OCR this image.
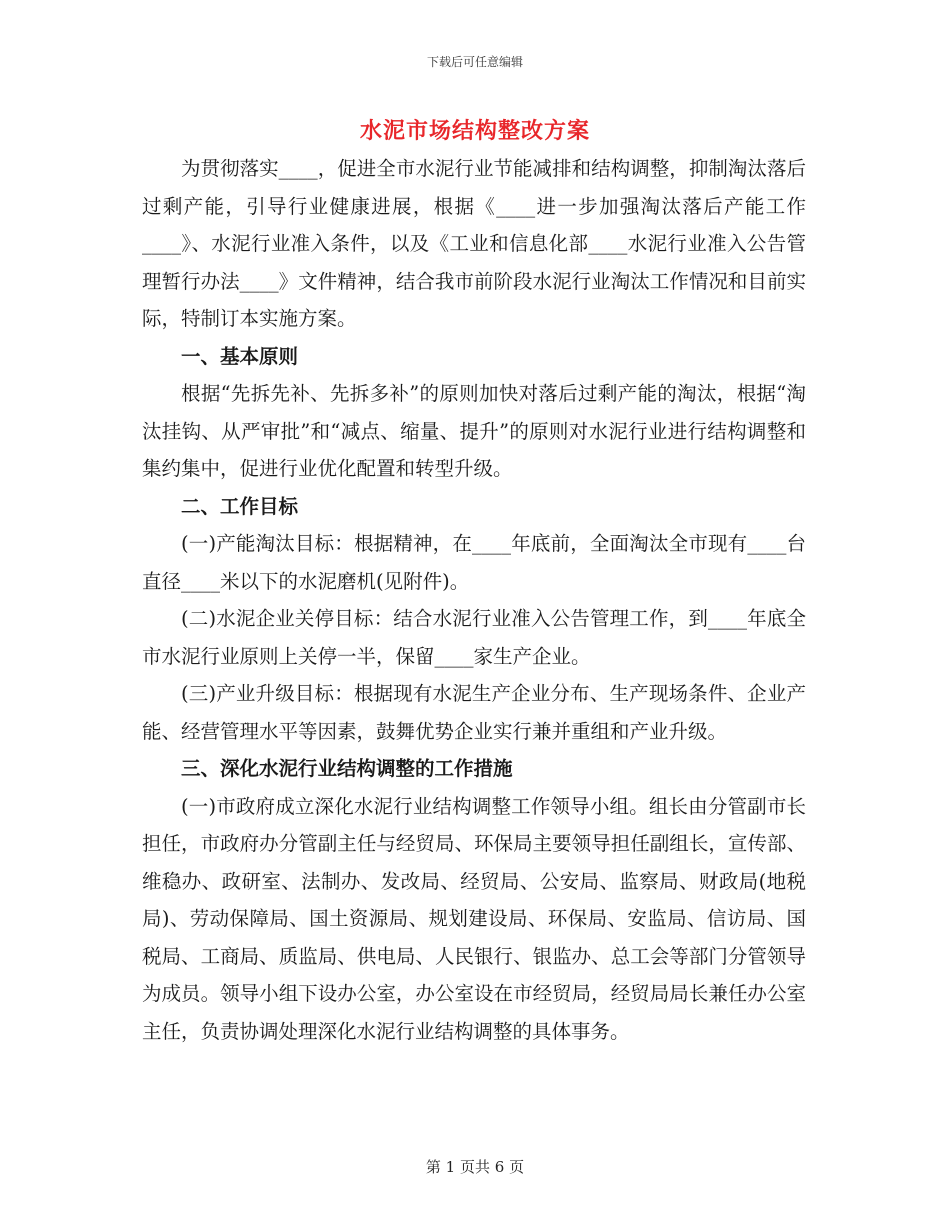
下载后可任意编辑
水泥市场结构整改方案

为贯彻落实____，促进全市水泥行业节能减排和结构调整，抑制淘汰落后过剩产能，引导行业健康进展，根据《____进一步加强淘汰落后产能工作____》、水泥行业准入条件，以及《工业和信息化部____水泥行业准入公告管理暂行办法____》文件精神，结合我市前阶段水泥行业淘汰工作情况和目前实际，特制订本实施方案。

一、基本原则

根据“先拆先补、先拆多补”的原则加快对落后过剩产能的淘汰，根据“淘汰挂钩、从严审批”和“减点、缩量、提升”的原则对水泥行业进行结构调整和集约集中，促进行业优化配置和转型升级。

二、工作目标

(一)产能淘汰目标：根据精神，在____年底前，全面淘汰全市现有____台直径____米以下的水泥磨机(见附件)。

(二)水泥企业关停目标：结合水泥行业准入公告管理工作，到____年底全市水泥行业原则上关停一半，保留____家生产企业。

(三)产业升级目标：根据现有水泥生产企业分布、生产现场条件、企业产能、经营管理水平等因素，鼓舞优势企业实行兼并重组和产业升级。

三、深化水泥行业结构调整的工作措施

(一)市政府成立深化水泥行业结构调整工作领导小组。组长由分管副市长担任，市政府办分管副主任与经贸局、环保局主要领导担任副组长，宣传部、维稳办、政研室、法制办、发改局、经贸局、公安局、监察局、财政局(地税局)、劳动保障局、国土资源局、规划建设局、环保局、安监局、信访局、国税局、工商局、质监局、供电局、人民银行、银监办、总工会等部门分管领导为成员。领导小组下设办公室，办公室设在市经贸局，经贸局局长兼任办公室主任，负责协调处理深化水泥行业结构调整的具体事务。

第 1 页共 6 页
